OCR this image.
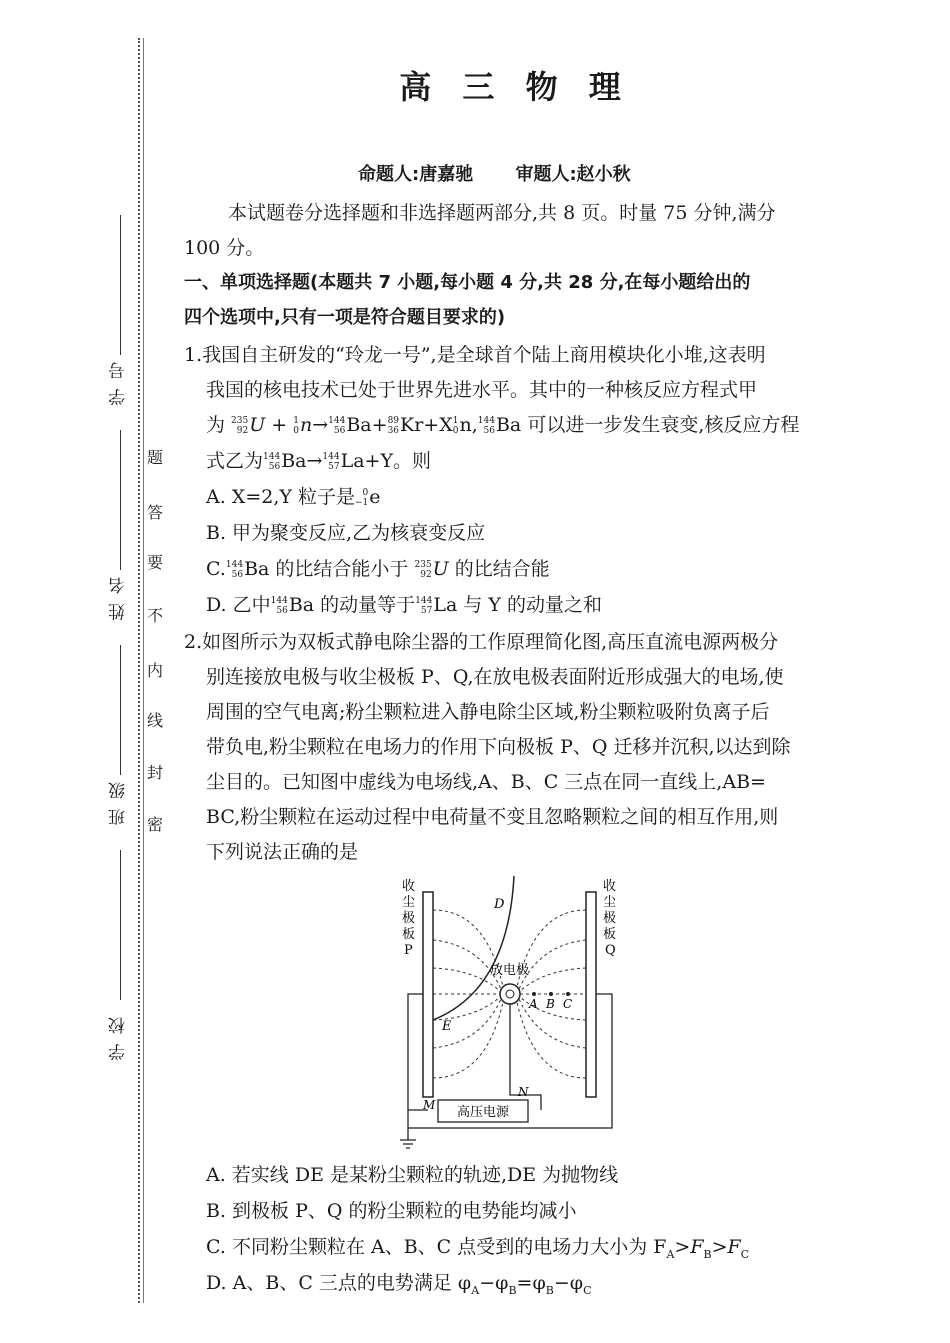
学 号
姓 名
班 级
学 校
题
答
要
不
内
线
封
密
高 三 物 理
命题人:唐嘉驰 审题人:赵小秋
本试题卷分选择题和非选择题两部分,共 8 页。时量 75 分钟,满分
100 分。
一、单项选择题(本题共 7 小题,每小题 4 分,共 28 分,在每小题给出的
四个选项中,只有一项是符合题目要求的)
1.我国自主研发的“玲龙一号”,是全球首个陆上商用模块化小堆,这表明
我国的核电技术已处于世界先进水平。其中的一种核反应方程式甲
为 235
92 U + 1
0 n→ 144
56 Ba+ 89
36 Kr+X 1
0 n, 144
56 Ba 可以进一步发生衰变,核反应方程
式乙为 144
56 Ba→ 144
57 La+Y。则
A. X=2,Y 粒子是 0
−1 e
B. 甲为聚变反应,乙为核衰变反应
C. 144
56 Ba 的比结合能小于 235
92 U 的比结合能
D. 乙中 144
56 Ba 的动量等于 144
57 La 与 Y 的动量之和
2.如图所示为双板式静电除尘器的工作原理简化图,高压直流电源两极分
别连接放电极与收尘极板 P、Q,在放电极表面附近形成强大的电场,使
周围的空气电离;粉尘颗粒进入静电除尘区域,粉尘颗粒吸附负离子后
带负电,粉尘颗粒在电场力的作用下向极板 P、Q 迁移并沉积,以达到除
尘目的。已知图中虚线为电场线,A、B、C 三点在同一直线上,AB=
BC,粉尘颗粒在运动过程中电荷量不变且忽略颗粒之间的相互作用,则
下列说法正确的是
高压电源
收
尘
极
板
P
收
尘
极
板
Q
放电极
A B C
D
E
M
N
A. 若实线 DE 是某粉尘颗粒的轨迹,DE 为抛物线
B. 到极板 P、Q 的粉尘颗粒的电势能均减小
C. 不同粉尘颗粒在 A、B、C 点受到的电场力大小为 $F_A>F_B>F_C$
D. A、B、C 三点的电势满足 $\varphi_A-\varphi_B=\varphi_B-\varphi_C$
